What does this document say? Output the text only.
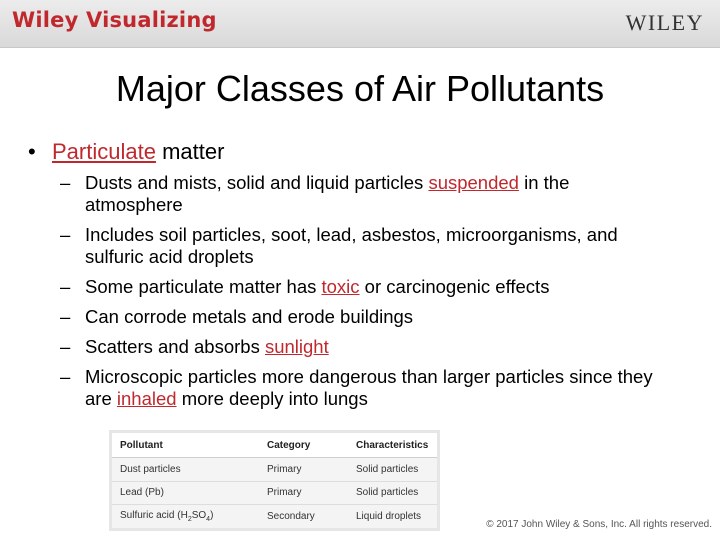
Wiley Visualizing	WILEY
Major Classes of Air Pollutants
• Particulate matter
– Dusts and mists, solid and liquid particles suspended in the atmosphere
– Includes soil particles, soot, lead, asbestos, microorganisms, and sulfuric acid droplets
– Some particulate matter has toxic or carcinogenic effects
– Can corrode metals and erode buildings
– Scatters and absorbs sunlight
– Microscopic particles more dangerous than larger particles since they are inhaled more deeply into lungs
Pollutant	Category	Characteristics
Dust particles	Primary	Solid particles
Lead (Pb)	Primary	Solid particles
Sulfuric acid $(H_2SO_4)$	Secondary	Liquid droplets
© 2017 John Wiley & Sons, Inc. All rights reserved.
